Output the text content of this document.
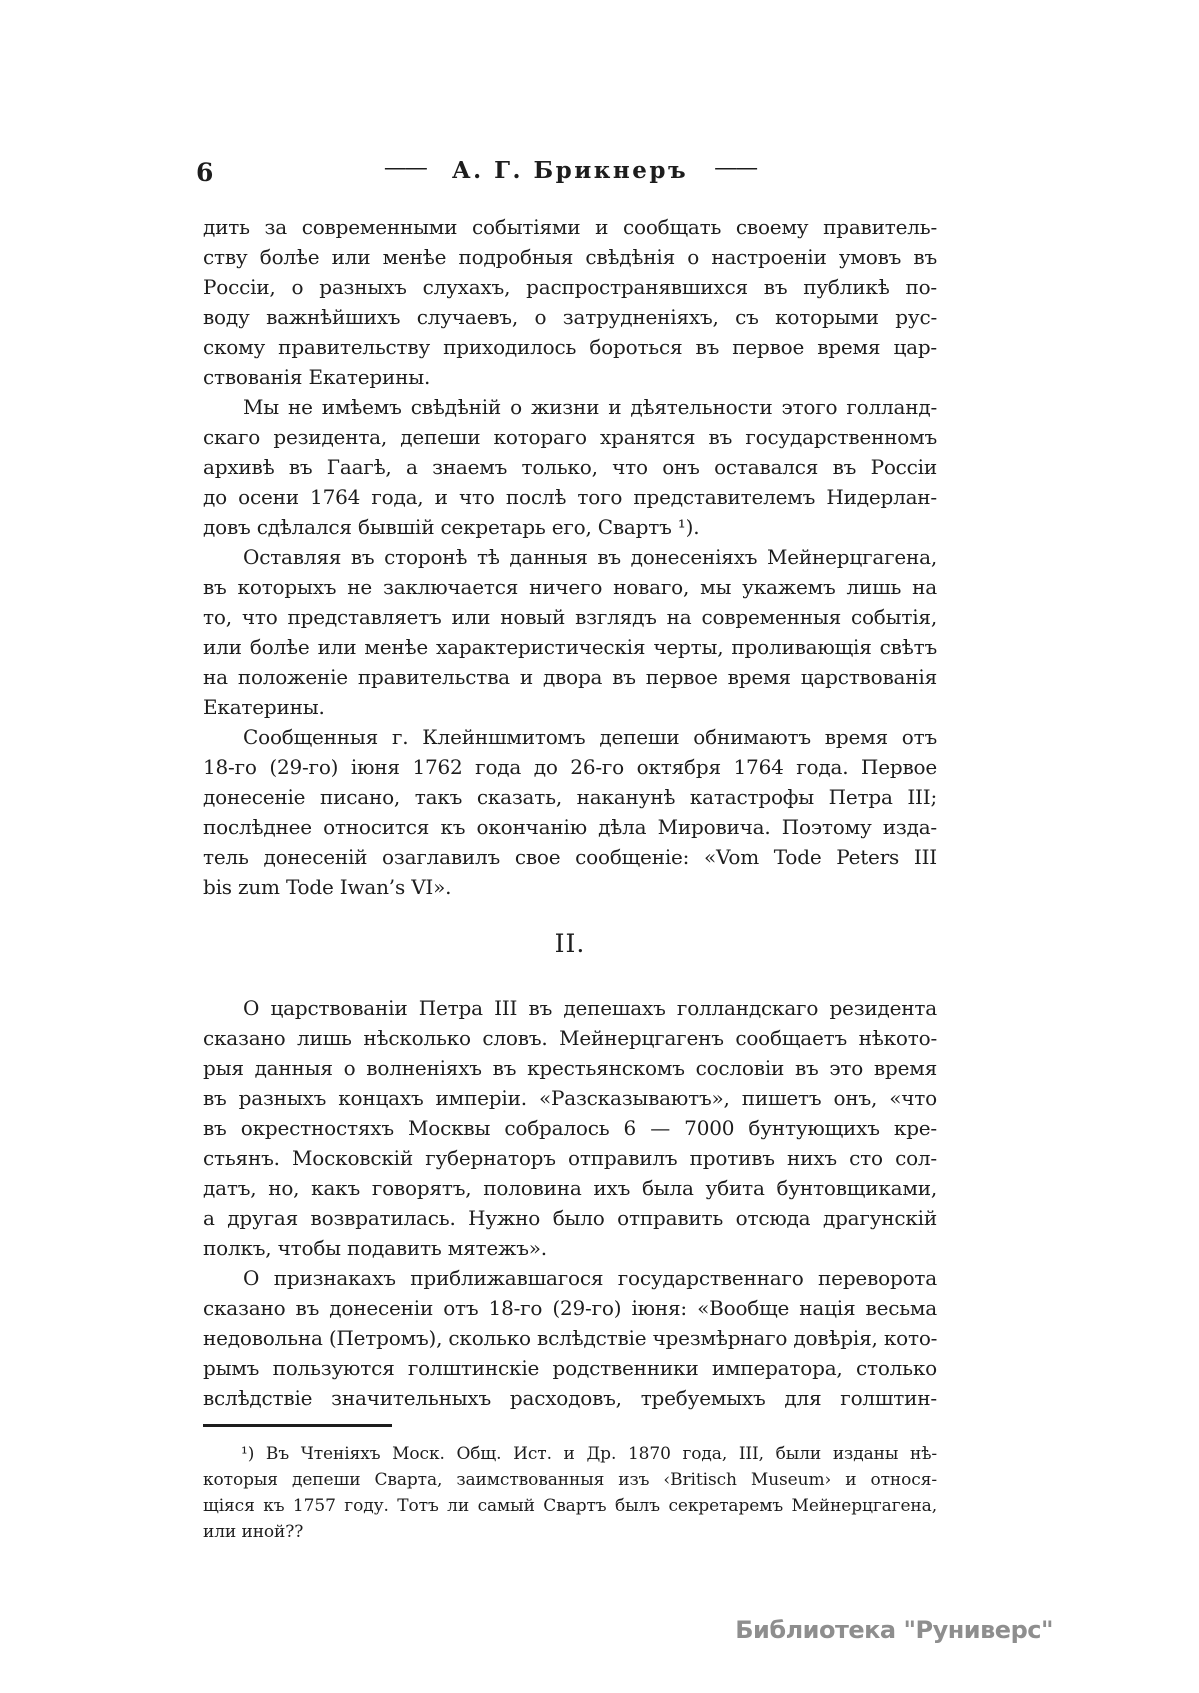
6	—— А. Г. Брикнеръ ——
дить за современными событіями и сообщать своему правитель-
ству болѣе или менѣе подробныя свѣдѣнія о настроеніи умовъ въ
Россіи, о разныхъ слухахъ, распространявшихся въ публикѣ по-
воду важнѣйшихъ случаевъ, о затрудненіяхъ, съ которыми рус-
скому правительству приходилось бороться въ первое время цар-
ствованія Екатерины.
Мы не имѣемъ свѣдѣній о жизни и дѣятельности этого голланд-
скаго резидента, депеши котораго хранятся въ государственномъ
архивѣ въ Гаагѣ, а знаемъ только, что онъ оставался въ Россіи
до осени 1764 года, и что послѣ того представителемъ Нидерлан-
довъ сдѣлался бывшій секретарь его, Свартъ ¹).
Оставляя въ сторонѣ тѣ данныя въ донесеніяхъ Мейнерцгагена,
въ которыхъ не заключается ничего новаго, мы укажемъ лишь на
то, что представляетъ или новый взглядъ на современныя событія,
или болѣе или менѣе характеристическія черты, проливающія свѣтъ
на положеніе правительства и двора въ первое время царствованія
Екатерины.
Сообщенныя г. Клейншмитомъ депеши обнимаютъ время отъ
18-го (29-го) іюня 1762 года до 26-го октября 1764 года. Первое
донесеніе писано, такъ сказать, наканунѣ катастрофы Петра III;
послѣднее относится къ окончанію дѣла Мировича. Поэтому изда-
тель донесеній озаглавилъ свое сообщеніе: «Vom Tode Peters III
bis zum Tode Iwan’s VI».
II.
О царствованіи Петра III въ депешахъ голландскаго резидента
сказано лишь нѣсколько словъ. Мейнерцгагенъ сообщаетъ нѣкото-
рыя данныя о волненіяхъ въ крестьянскомъ сословіи въ это время
въ разныхъ концахъ имперіи. «Разсказываютъ», пишетъ онъ, «что
въ окрестностяхъ Москвы собралось 6 — 7000 бунтующихъ кре-
стьянъ. Московскій губернаторъ отправилъ противъ нихъ сто сол-
датъ, но, какъ говорятъ, половина ихъ была убита бунтовщиками,
а другая возвратилась. Нужно было отправить отсюда драгунскій
полкъ, чтобы подавить мятежъ».
О признакахъ приближавшагося государственнаго переворота
сказано въ донесеніи отъ 18-го (29-го) іюня: «Вообще нація весьма
недовольна (Петромъ), сколько вслѣдствіе чрезмѣрнаго довѣрія, кото-
рымъ пользуются голштинскіе родственники императора, столько
вслѣдствіе значительныхъ расходовъ, требуемыхъ для голштин-
¹) Въ Чтеніяхъ Моск. Общ. Ист. и Др. 1870 года, III, были изданы нѣ-
которыя депеши Сварта, заимствованныя изъ ‹Britisch Museum› и относя-
щіяся къ 1757 году. Тотъ ли самый Свартъ былъ секретаремъ Мейнерцгагена,
или иной??
Библиотека "Руниверс"
